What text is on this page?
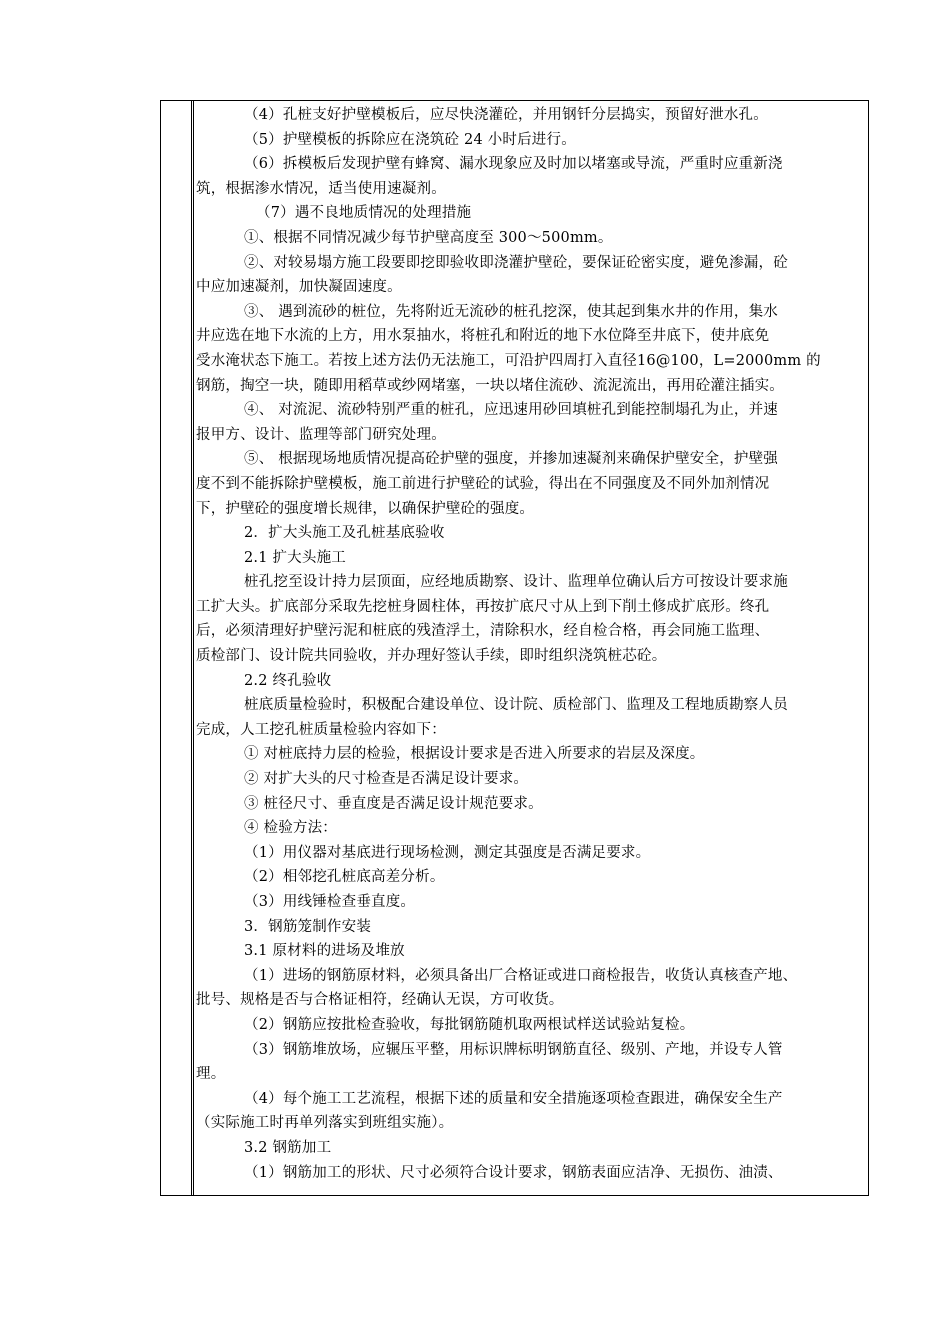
（4）孔桩支好护壁模板后，应尽快浇灌砼，并用钢钎分层捣实，预留好泄水孔。
（5）护壁模板的拆除应在浇筑砼 24 小时后进行。
（6）拆模板后发现护壁有蜂窝、漏水现象应及时加以堵塞或导流，严重时应重新浇
筑，根据渗水情况，适当使用速凝剂。
（7）遇不良地质情况的处理措施
①、根据不同情况减少每节护壁高度至 300～500mm。
②、对较易塌方施工段要即挖即验收即浇灌护壁砼，要保证砼密实度，避免渗漏，砼
中应加速凝剂，加快凝固速度。
③、 遇到流砂的桩位，先将附近无流砂的桩孔挖深，使其起到集水井的作用，集水
井应选在地下水流的上方，用水泵抽水，将桩孔和附近的地下水位降至井底下，使井底免
受水淹状态下施工。若按上述方法仍无法施工，可沿护四周打入直径16@100，L=2000mm 的
钢筋，掏空一块，随即用稻草或纱网堵塞，一块以堵住流砂、流泥流出，再用砼灌注插实。
④、 对流泥、流砂特别严重的桩孔，应迅速用砂回填桩孔到能控制塌孔为止，并速
报甲方、设计、监理等部门研究处理。
⑤、 根据现场地质情况提高砼护壁的强度，并掺加速凝剂来确保护壁安全，护壁强
度不到不能拆除护壁模板，施工前进行护壁砼的试验，得出在不同强度及不同外加剂情况
下，护壁砼的强度增长规律，以确保护壁砼的强度。
2．扩大头施工及孔桩基底验收
2.1 扩大头施工
桩孔挖至设计持力层顶面，应经地质勘察、设计、监理单位确认后方可按设计要求施
工扩大头。扩底部分采取先挖桩身圆柱体，再按扩底尺寸从上到下削土修成扩底形。终孔
后，必须清理好护壁污泥和桩底的残渣浮土，清除积水，经自检合格，再会同施工监理、
质检部门、设计院共同验收，并办理好签认手续，即时组织浇筑桩芯砼。
2.2 终孔验收
桩底质量检验时，积极配合建设单位、设计院、质检部门、监理及工程地质勘察人员
完成，人工挖孔桩质量检验内容如下：
① 对桩底持力层的检验，根据设计要求是否进入所要求的岩层及深度。
② 对扩大头的尺寸检查是否满足设计要求。
③ 桩径尺寸、垂直度是否满足设计规范要求。
④ 检验方法：
（1）用仪器对基底进行现场检测，测定其强度是否满足要求。
（2）相邻挖孔桩底高差分析。
（3）用线锤检查垂直度。
3．钢筋笼制作安装
3.1 原材料的进场及堆放
（1）进场的钢筋原材料，必须具备出厂合格证或进口商检报告，收货认真核查产地、
批号、规格是否与合格证相符，经确认无误，方可收货。
（2）钢筋应按批检查验收，每批钢筋随机取两根试样送试验站复检。
（3）钢筋堆放场，应辗压平整，用标识牌标明钢筋直径、级别、产地，并设专人管
理。
（4）每个施工工艺流程，根据下述的质量和安全措施逐项检查跟进，确保安全生产
（实际施工时再单列落实到班组实施）。
3.2 钢筋加工
（1）钢筋加工的形状、尺寸必须符合设计要求，钢筋表面应洁净、无损伤、油渍、
